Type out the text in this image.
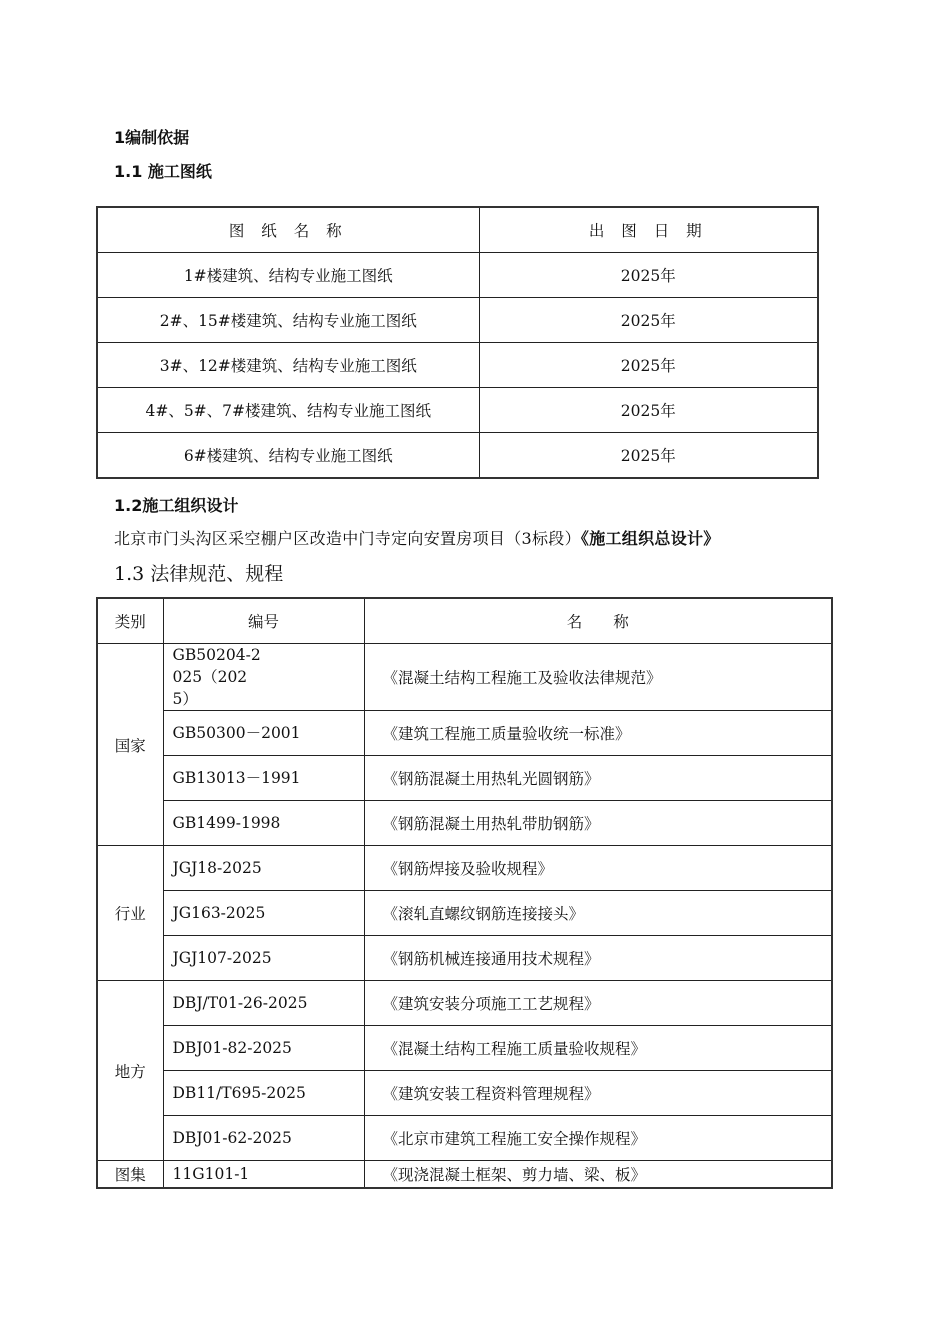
1编制依据
1.1 施工图纸
图 纸 名 称	出 图 日 期
1#楼建筑、结构专业施工图纸	2025年
2#、15#楼建筑、结构专业施工图纸	2025年
3#、12#楼建筑、结构专业施工图纸	2025年
4#、5#、7#楼建筑、结构专业施工图纸	2025年
6#楼建筑、结构专业施工图纸	2025年
1.2施工组织设计
北京市门头沟区采空棚户区改造中门寺定向安置房项目（3标段）《施工组织总设计》
1.3 法律规范、规程
类别	编号	名　　称
国家	GB50204-2025（2025）	《混凝土结构工程施工及验收法律规范》
	GB50300－2001	《建筑工程施工质量验收统一标准》
	GB13013－1991	《钢筋混凝土用热轧光圆钢筋》
	GB1499-1998	《钢筋混凝土用热轧带肋钢筋》
行业	JGJ18-2025	《钢筋焊接及验收规程》
	JG163-2025	《滚轧直螺纹钢筋连接接头》
	JGJ107-2025	《钢筋机械连接通用技术规程》
地方	DBJ/T01-26-2025	《建筑安装分项施工工艺规程》
	DBJ01-82-2025	《混凝土结构工程施工质量验收规程》
	DB11/T695-2025	《建筑安装工程资料管理规程》
	DBJ01-62-2025	《北京市建筑工程施工安全操作规程》
图集	11G101-1	《现浇混凝土框架、剪力墙、梁、板》
